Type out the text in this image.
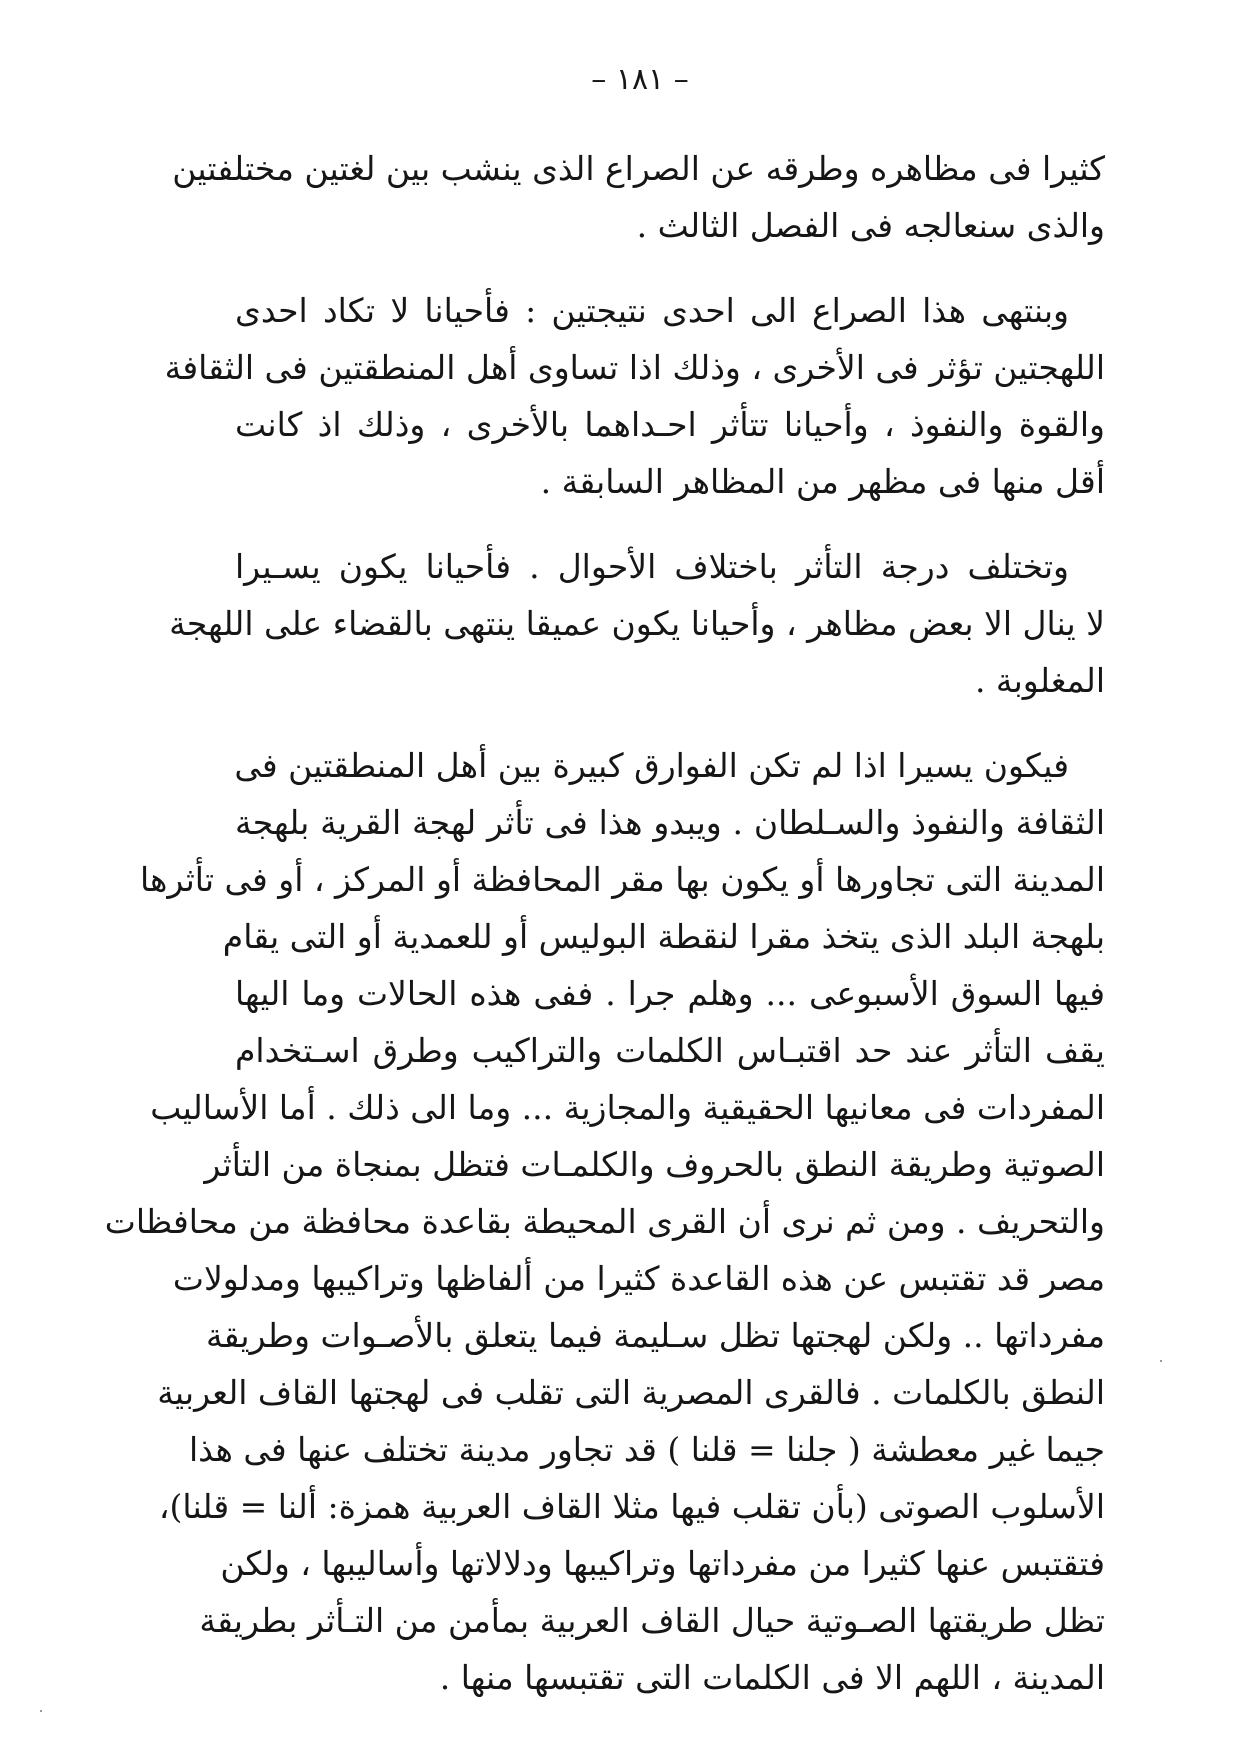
– ١٨١ –

كثيرا فى مظاهره وطرقه عن الصراع الذى ينشب بين لغتين مختلفتين
والذى سنعالجه فى الفصل الثالث .

وبنتهى هذا الصراع الى احدى نتيجتين : فأحيانا لا تكاد احدى
اللهجتين تؤثر فى الأخرى ، وذلك اذا تساوى أهل المنطقتين فى الثقافة
والقوة والنفوذ ، وأحيانا تتأثر احـداهما بالأخرى ، وذلك اذ كانت
أقل منها فى مظهر من المظاهر السابقة .

وتختلف درجة التأثر باختلاف الأحوال . فأحيانا يكون يسـيرا
لا ينال الا بعض مظاهر ، وأحيانا يكون عميقا ينتهى بالقضاء على اللهجة
المغلوبة .

فيكون يسيرا اذا لم تكن الفوارق كبيرة بين أهل المنطقتين فى
الثقافة والنفوذ والسـلطان . ويبدو هذا فى تأثر لهجة القرية بلهجة
المدينة التى تجاورها أو يكون بها مقر المحافظة أو المركز ، أو فى تأثرها
بلهجة البلد الذى يتخذ مقرا لنقطة البوليس أو للعمدية أو التى يقام
فيها السوق الأسبوعى ... وهلم جرا . ففى هذه الحالات وما اليها
يقف التأثر عند حد اقتبـاس الكلمات والتراكيب وطرق اسـتخدام
المفردات فى معانيها الحقيقية والمجازية ... وما الى ذلك . أما الأساليب
الصوتية وطريقة النطق بالحروف والكلمـات فتظل بمنجاة من التأثر
والتحريف . ومن ثم نرى أن القرى المحيطة بقاعدة محافظة من محافظات
مصر قد تقتبس عن هذه القاعدة كثيرا من ألفاظها وتراكيبها ومدلولات
مفرداتها .. ولكن لهجتها تظل سـليمة فيما يتعلق بالأصـوات وطريقة
النطق بالكلمات . فالقرى المصرية التى تقلب فى لهجتها القاف العربية
جيما غير معطشة ( جلنا = قلنا ) قد تجاور مدينة تختلف عنها فى هذا
الأسلوب الصوتى (بأن تقلب فيها مثلا القاف العربية همزة: ألنا = قلنا)،
فتقتبس عنها كثيرا من مفرداتها وتراكيبها ودلالاتها وأساليبها ، ولكن
تظل طريقتها الصـوتية حيال القاف العربية بمأمن من التـأثر بطريقة
المدينة ، اللهم الا فى الكلمات التى تقتبسها منها .
